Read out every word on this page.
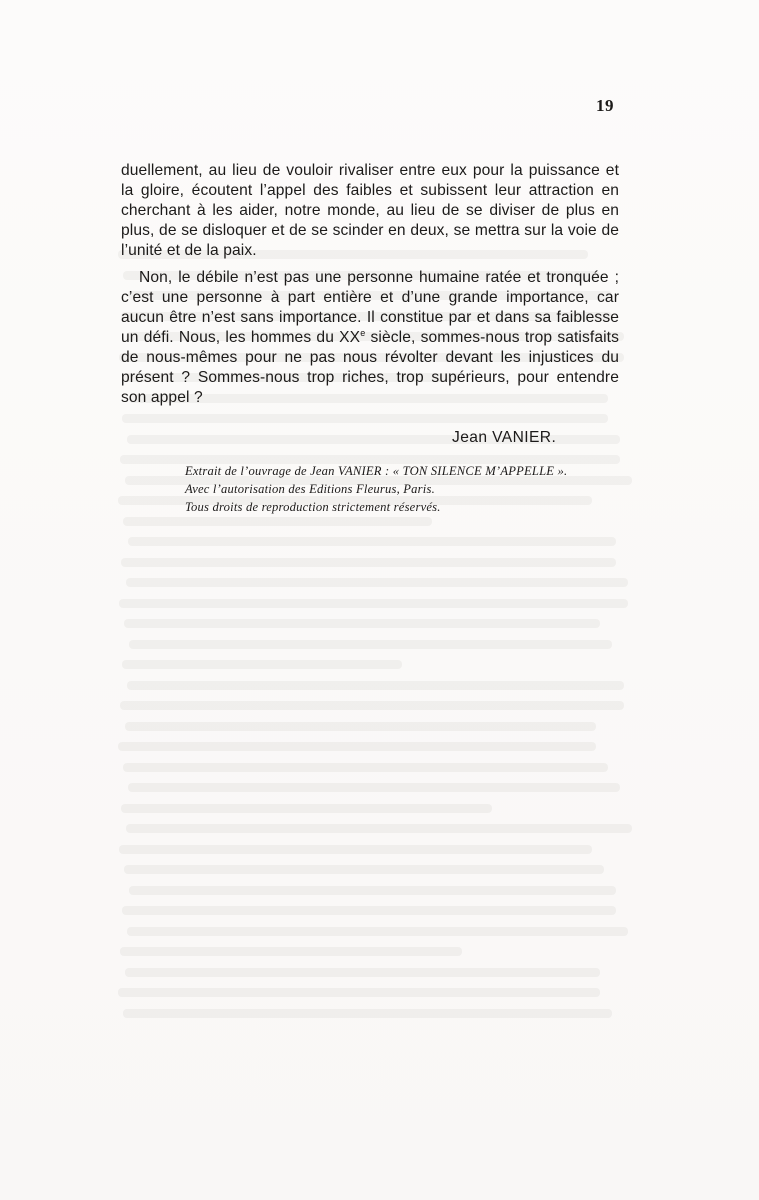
19

duellement, au lieu de vouloir rivaliser entre eux pour la puissance et la gloire, écoutent l’appel des faibles et subissent leur attraction en cherchant à les aider, notre monde, au lieu de se diviser de plus en plus, de se disloquer et de se scinder en deux, se mettra sur la voie de l’unité et de la paix.

Non, le débile n’est pas une personne humaine ratée et tronquée ; c’est une personne à part entière et d’une grande importance, car aucun être n’est sans importance. Il constitue par et dans sa faiblesse un défi. Nous, les hommes du XXe siècle, sommes-nous trop satisfaits de nous-mêmes pour ne pas nous révolter devant les injustices du présent ? Sommes-nous trop riches, trop supérieurs, pour entendre son appel ?

Jean VANIER.
Extrait de l’ouvrage de Jean VANIER : « TON SILENCE M’APPELLE ».
Avec l’autorisation des Editions Fleurus, Paris.
Tous droits de reproduction strictement réservés.
